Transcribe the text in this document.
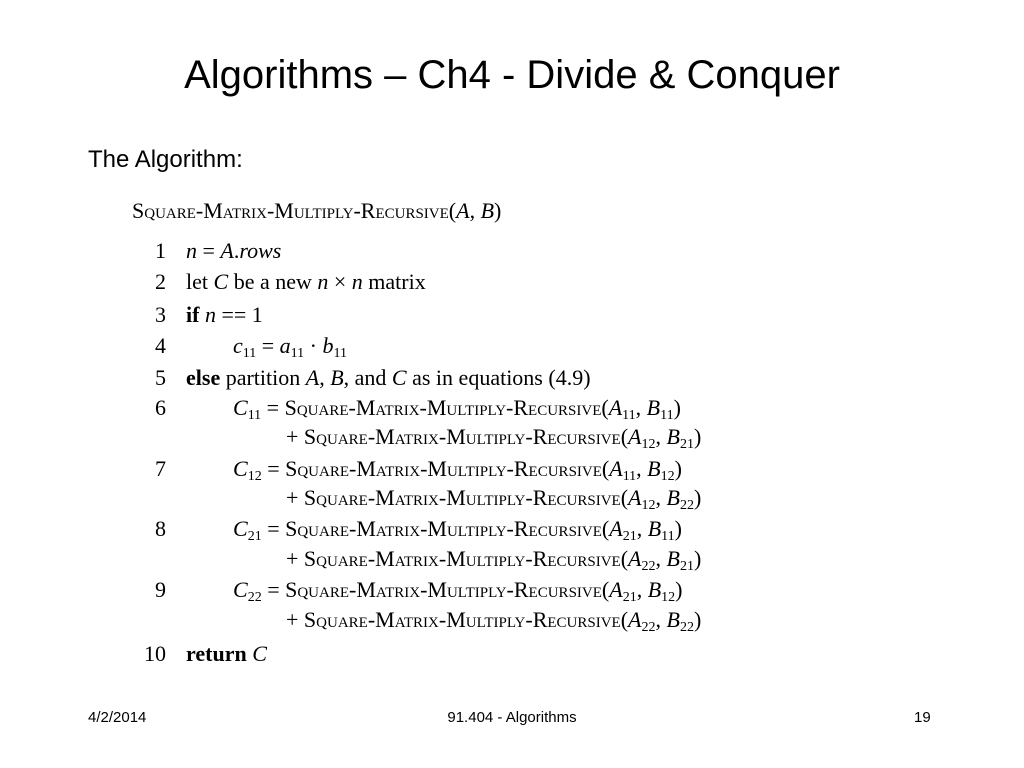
Algorithms – Ch4 - Divide & Conquer
The Algorithm:
Square-Matrix-Multiply-Recursive(A, B)
1
2
3
4
5
6
7
8
9
10
n = A.rows
let C be a new n × n matrix
if n == 1
$c_{11} = a_{11} \cdot b_{11}$
else partition A, B, and C as in equations (4.9)
$C_{11}$ = Square-$Matrix-Multiply-Recursive(A_{11}$, $B_{11}$)
+ Square-$Matrix-Multiply-Recursive(A_{12}$, $B_{21}$)
$C_{12}$ = Square-$Matrix-Multiply-Recursive(A_{11}$, $B_{12}$)
+ Square-$Matrix-Multiply-Recursive(A_{12}$, $B_{22}$)
$C_{21}$ = Square-$Matrix-Multiply-Recursive(A_{21}$, $B_{11}$)
+ Square-$Matrix-Multiply-Recursive(A_{22}$, $B_{21}$)
$C_{22}$ = Square-$Matrix-Multiply-Recursive(A_{21}$, $B_{12}$)
+ Square-$Matrix-Multiply-Recursive(A_{22}$, $B_{22}$)
return C
4/2/2014	91.404 - Algorithms	19
